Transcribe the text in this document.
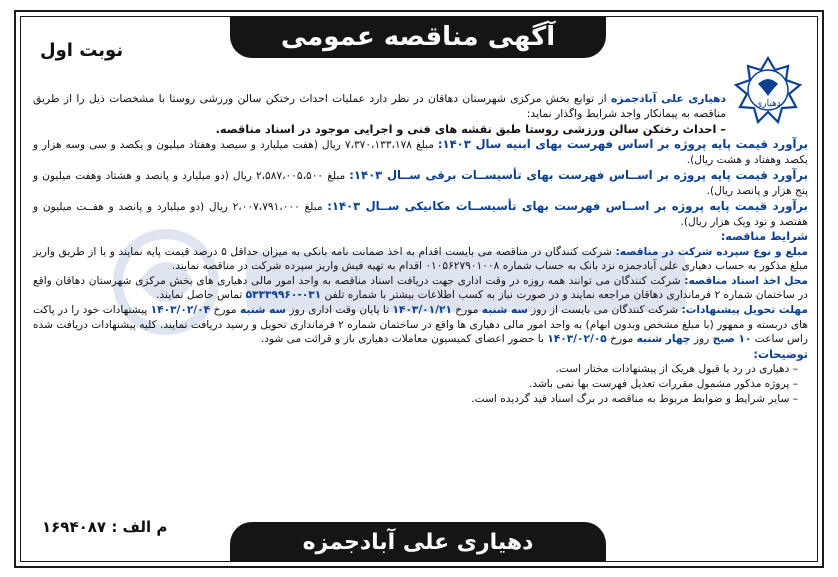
آگهی مناقصه عمومی
نوبت اول
دهیاری

دهیاری علی آبادجمزه از توابع بخش مرکزی شهرستان دهاقان در نظر دارد عملیات احداث رختکن سالن ورزشی روستا با مشخصات ذیل را از طریق مناقصه به پیمانکار واجد شرایط واگذار نماید:

– احداث رختکن سالن ورزشی روستا طبق نقشه های فنی و اجرایی موجود در اسناد مناقصه.

برآورد قیمت پایه پروژه بر اساس فهرست بهای ابنیه سال ۱۴۰۳: مبلغ ۷،۳۷۰،۱۳۳،۱۷۸ ریال (هفت میلیارد و سیصد وهفتاد میلیون و یکصد و سی وسه هزار و یکصد وهفتاد و هشت ریال).

برآورد قیمت پایه پروژه بر اســاس فهرست بهای تأسیســات برقی ســال ۱۴۰۳: مبلغ ۲،۵۸۷،۰۰۵،۵۰۰ ریال (دو میلیارد و پانصد و هشتاد وهفت میلیون و پنج هزار و پانصد ریال).

برآورد قیمت پایه پروژه بر اســاس فهرست بهای تأسیســات مکانیکی ســال ۱۴۰۳: مبلغ ۲،۰۰۷،۷۹۱،۰۰۰ ریال (دو میلیارد و پانصد و هفــت میلیون و هفتصد و نود ویک هزار ریال).

شرایط مناقصه:

مبلغ و نوع سپرده شرکت در مناقصه: شرکت کنندگان در مناقصه می بایست اقدام به اخذ ضمانت نامه بانکی به میزان حداقل ۵ درصد قیمت پایه نمایند و یا از طریق واریز مبلغ مذکور به حساب دهیاری علی آبادجمزه نزد بانک به حساب شماره ۰۱۰۵۶۲۷۹۰۱۰۰۸ اقدام به تهیه فیش واریز سپرده شرکت در مناقصه نمایند.

محل اخذ اسناد مناقصه: شرکت کنندگان می توانند همه روزه در وقت اداری جهت دریافت اسناد مناقصه به واحد امور مالی دهیاری های بخش مرکزی شهرستان دهاقان واقع در ساختمان شماره ۲ فرمانداری دهاقان مراجعه نمایند و در صورت نیاز به کسب اطلاعات بیشتر با شماره تلفن ۰۳۱-۵۳۳۳۹۹۶۰ تماس حاصل نمایند.

مهلت تحویل پیشنهادات: شرکت کنندگان می بایست از روز سه شنبه مورخ ۱۴۰۳/۰۱/۲۱ تا پایان وقت اداری روز سه شنبه مورخ ۱۴۰۳/۰۲/۰۴ پیشنهادات خود را در پاکت های دربسته و ممهور (با مبلغ مشخص وبدون ابهام) به واحد امور مالی دهیاری ها واقع در ساختمان شماره ۲ فرمانداری تحویل و رسید دریافت نمایند. کلیه پیشنهادات دریافت شده راس ساعت ۱۰ صبح روز چهار شنبه مورخ ۱۴۰۳/۰۲/۰۵ با حضور اعضای کمیسیون معاملات دهیاری باز و قرائت می شود.

توضیحات:

– دهیاری در رد یا قبول هریک از پیشنهادات مختار است.
– پروژه مذکور مشمول مقررات تعدیل فهرست بها نمی باشد.
– سایر شرایط و ضوابط مربوط به مناقصه در برگ اسناد قید گردیده است.
م الف : ۱۶۹۴۰۸۷
دهیاری علی آبادجمزه
